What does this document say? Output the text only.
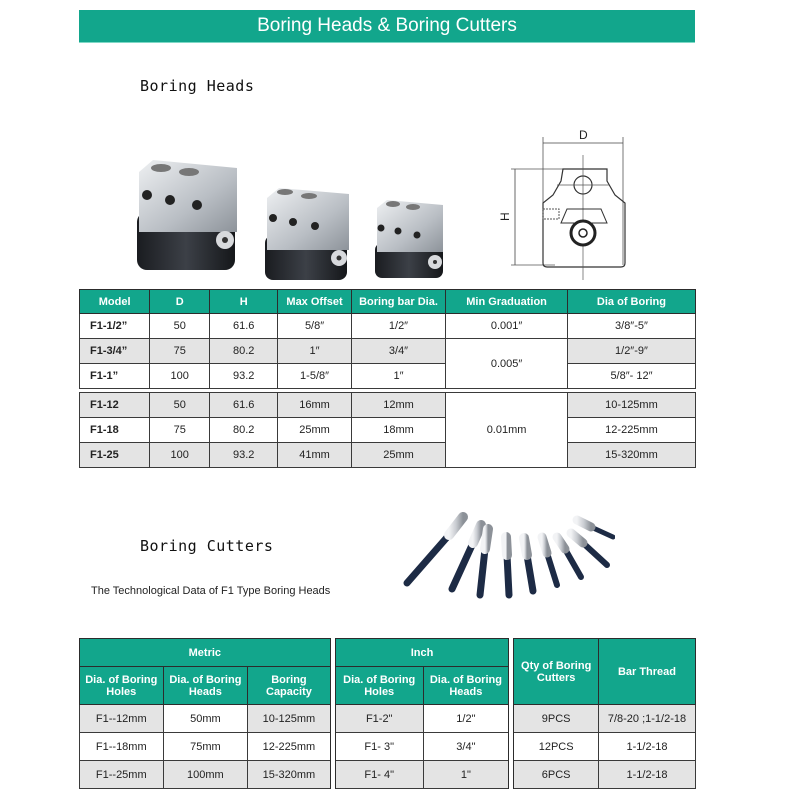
Boring Heads & Boring Cutters
Boring Heads
D
H
Model	D	H	Max Offset	Boring bar Dia.	Min Graduation	Dia of Boring
F1-1/2”	50	61.6	5/8″	1/2″	0.001″	3/8″-5″
F1-3/4”	75	80.2	1″	3/4″	0.005″	1/2″-9″
F1-1”	100	93.2	1-5/8″	1″		5/8″- 12″

F1-12	50	61.6	16mm	12mm	0.01mm	10-125mm
F1-18	75	80.2	25mm	18mm		12-225mm
F1-25	100	93.2	41mm	25mm		15-320mm
Boring Cutters
The Technological Data of F1 Type Boring Heads
Metric				Inch			Qty of Boring Cutters	Bar Thread
Dia. of Boring Holes	Dia. of Boring Heads	Boring Capacity		Dia. of Boring Holes	Dia. of Boring Heads			
F1--12mm	50mm	10-125mm		F1-2"	1/2"		9PCS	7/8-20 ;1-1/2-18
F1--18mm	75mm	12-225mm		F1- 3"	3/4"		12PCS	1-1/2-18
F1--25mm	100mm	15-320mm		F1- 4"	1"		6PCS	1-1/2-18
